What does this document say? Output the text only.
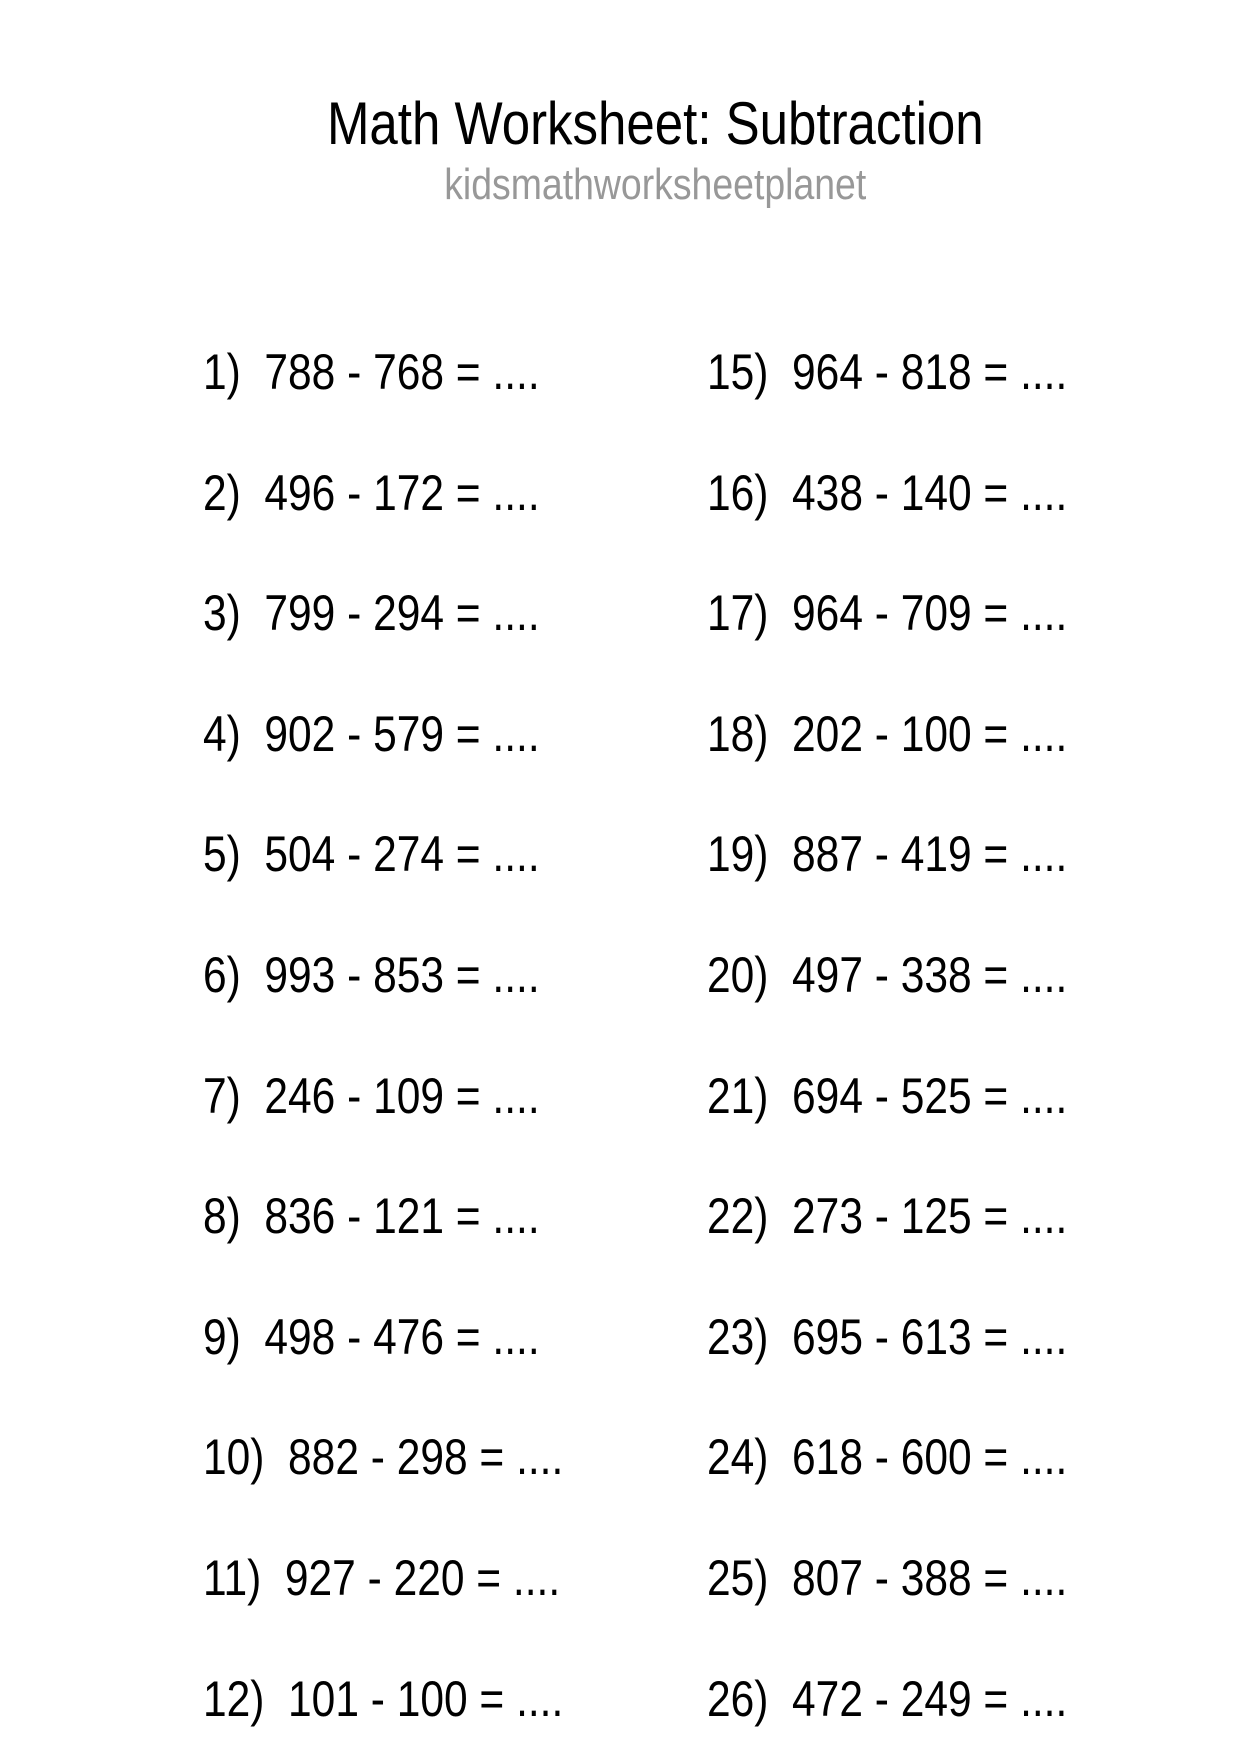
Math Worksheet: Subtraction
kidsmathworksheetplanet
1)  788 - 768 = ....
2)  496 - 172 = ....
3)  799 - 294 = ....
4)  902 - 579 = ....
5)  504 - 274 = ....
6)  993 - 853 = ....
7)  246 - 109 = ....
8)  836 - 121 = ....
9)  498 - 476 = ....
10)  882 - 298 = ....
11)  927 - 220 = ....
12)  101 - 100 = ....
15)  964 - 818 = ....
16)  438 - 140 = ....
17)  964 - 709 = ....
18)  202 - 100 = ....
19)  887 - 419 = ....
20)  497 - 338 = ....
21)  694 - 525 = ....
22)  273 - 125 = ....
23)  695 - 613 = ....
24)  618 - 600 = ....
25)  807 - 388 = ....
26)  472 - 249 = ....
